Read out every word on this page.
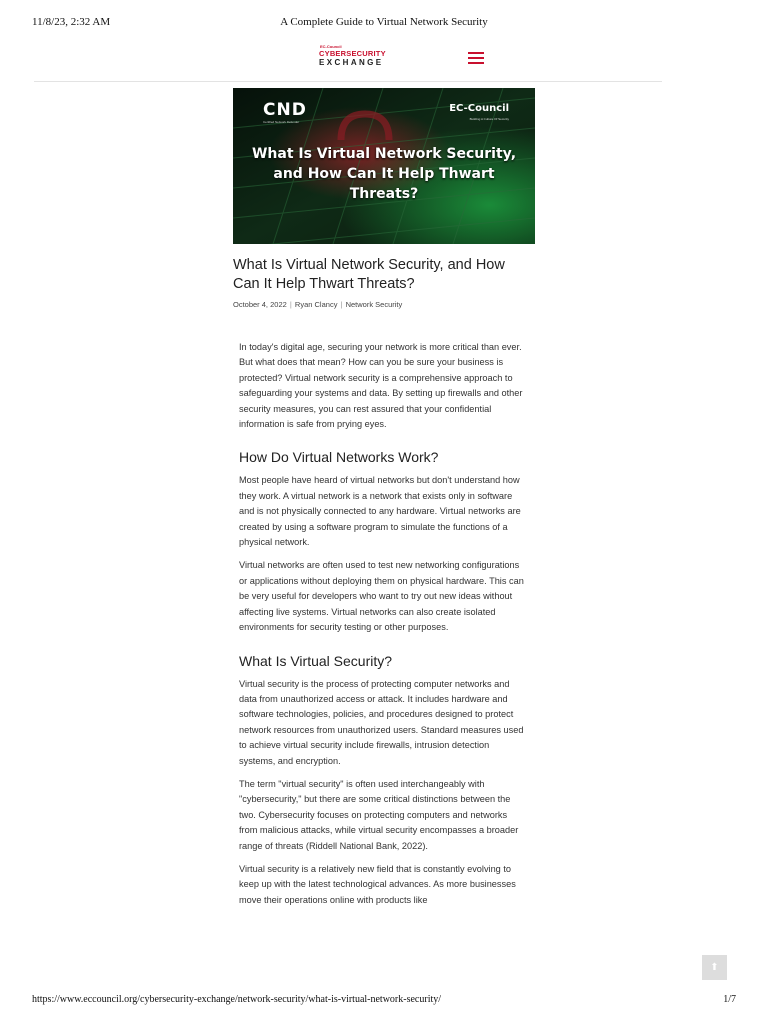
11/8/23, 2:32 AM	A Complete Guide to Virtual Network Security
EC-Council
CYBERSECURITY
EXCHANGE
CND
Certified Network Defender
EC-Council
Building A Culture Of Security
What Is Virtual Network Security, and How Can It Help Thwart Threats?
What Is Virtual Network Security, and How Can It Help Thwart Threats?
October 4, 2022 | Ryan Clancy | Network Security

In today's digital age, securing your network is more critical than ever. But what does that mean? How can you be sure your business is protected? Virtual network security is a comprehensive approach to safeguarding your systems and data. By setting up firewalls and other security measures, you can rest assured that your confidential information is safe from prying eyes.

How Do Virtual Networks Work?

Most people have heard of virtual networks but don't understand how they work. A virtual network is a network that exists only in software and is not physically connected to any hardware. Virtual networks are created by using a software program to simulate the functions of a physical network.

Virtual networks are often used to test new networking configurations or applications without deploying them on physical hardware. This can be very useful for developers who want to try out new ideas without affecting live systems. Virtual networks can also create isolated environments for security testing or other purposes.

What Is Virtual Security?

Virtual security is the process of protecting computer networks and data from unauthorized access or attack. It includes hardware and software technologies, policies, and procedures designed to protect network resources from unauthorized users. Standard measures used to achieve virtual security include firewalls, intrusion detection systems, and encryption.

The term "virtual security" is often used interchangeably with "cybersecurity," but there are some critical distinctions between the two. Cybersecurity focuses on protecting computers and networks from malicious attacks, while virtual security encompasses a broader range of threats (Riddell National Bank, 2022).

Virtual security is a relatively new field that is constantly evolving to keep up with the latest technological advances. As more businesses move their operations online with products like

⬆
https://www.eccouncil.org/cybersecurity-exchange/network-security/what-is-virtual-network-security/	1/7
